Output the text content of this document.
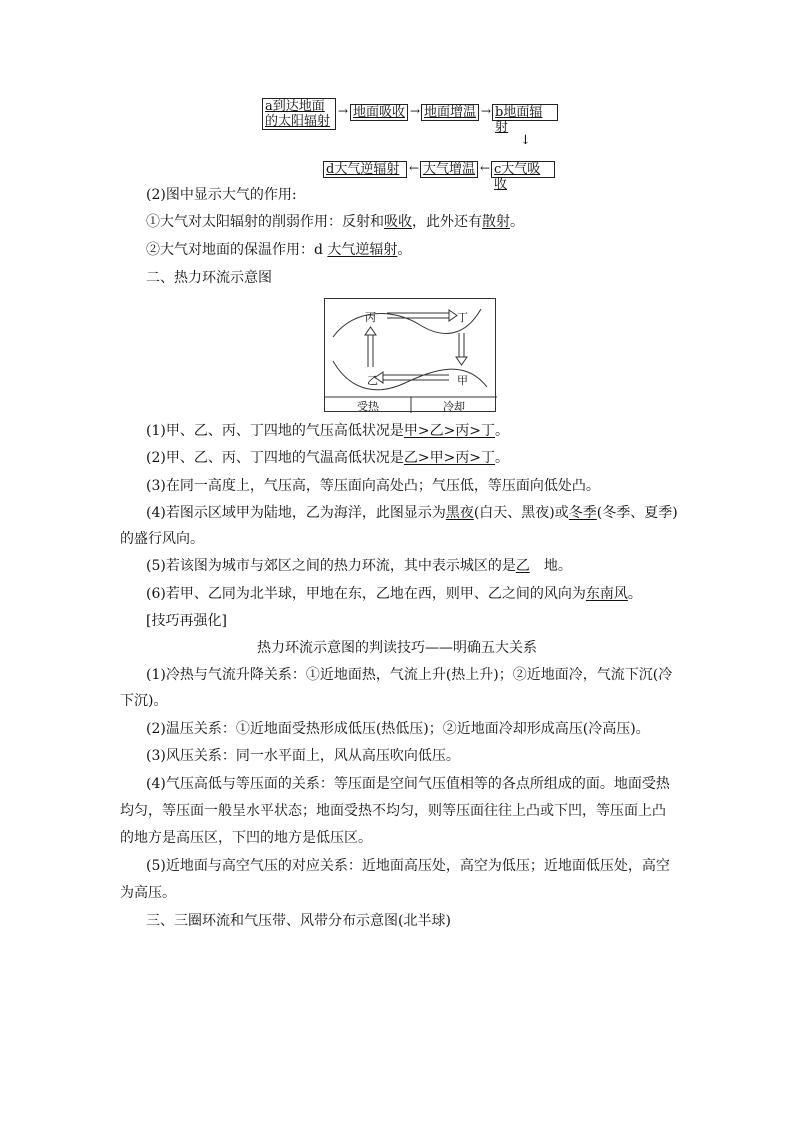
a到达地面
的太阳辐射
→ 地面吸收 → 地面增温 → b地面辐射
↓
d大气逆辐射 ← 大气增温 ← c大气吸收
(2)图中显示大气的作用:
①大气对太阳辐射的削弱作用：反射和吸收，此外还有散射。
②大气对地面的保温作用：d 大气逆辐射。
二、热力环流示意图
丙	丁
乙	甲
受热	冷却
(1)甲、乙、丙、丁四地的气压高低状况是甲>乙>丙>丁。
(2)甲、乙、丙、丁四地的气温高低状况是乙>甲>丙>丁。
(3)在同一高度上，气压高，等压面向高处凸；气压低，等压面向低处凸。
(4)若图示区域甲为陆地，乙为海洋，此图显示为黑夜(白天、黑夜)或冬季(冬季、夏季)
的盛行风向。
(5)若该图为城市与郊区之间的热力环流，其中表示城区的是乙  地。
(6)若甲、乙同为北半球，甲地在东，乙地在西，则甲、乙之间的风向为东南风。
[技巧再强化]
热力环流示意图的判读技巧——明确五大关系
(1)冷热与气流升降关系：①近地面热，气流上升(热上升)；②近地面冷，气流下沉(冷
下沉)。
(2)温压关系：①近地面受热形成低压(热低压)；②近地面冷却形成高压(冷高压)。
(3)风压关系：同一水平面上，风从高压吹向低压。
(4)气压高低与等压面的关系：等压面是空间气压值相等的各点所组成的面。地面受热
均匀，等压面一般呈水平状态；地面受热不均匀，则等压面往往上凸或下凹，等压面上凸
的地方是高压区，下凹的地方是低压区。
(5)近地面与高空气压的对应关系：近地面高压处，高空为低压；近地面低压处，高空
为高压。
三、三圈环流和气压带、风带分布示意图(北半球)
